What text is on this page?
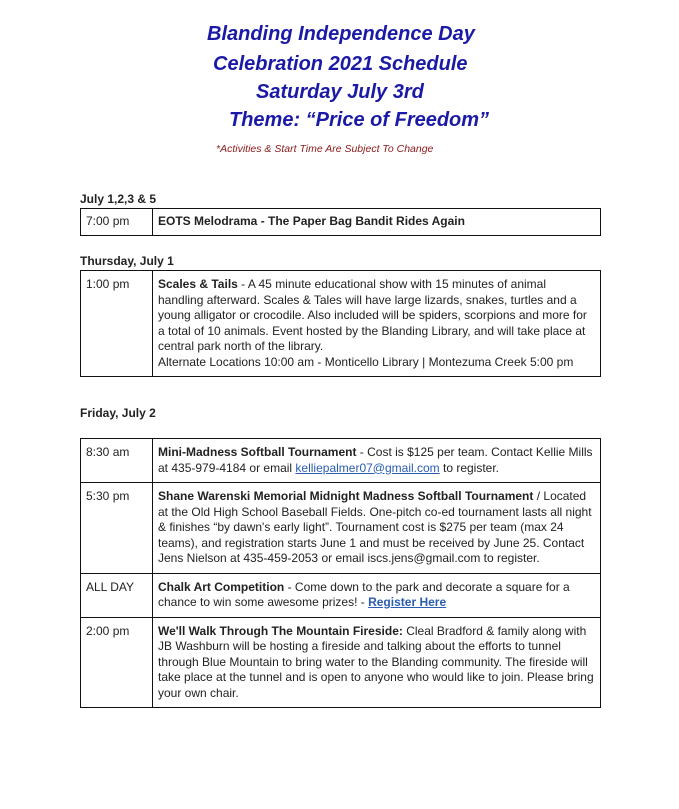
Blanding Independence Day
Celebration 2021 Schedule
Saturday July 3rd
Theme: “Price of Freedom”
*Activities & Start Time Are Subject To Change
July 1,2,3 & 5
7:00 pm	EOTS Melodrama - The Paper Bag Bandit Rides Again
Thursday, July 1
1:00 pm	Scales & Tails - A 45 minute educational show with 15 minutes of animal handling afterward. Scales & Tales will have large lizards, snakes, turtles and a young alligator or crocodile. Also included will be spiders, scorpions and more for a total of 10 animals. Event hosted by the Blanding Library, and will take place at central park north of the library.
Alternate Locations 10:00 am - Monticello Library | Montezuma Creek 5:00 pm
Friday, July 2
8:30 am	Mini-Madness Softball Tournament - Cost is $125 per team. Contact Kellie Mills at 435-979-4184 or email kelliepalmer07@gmail.com to register.
5:30 pm	Shane Warenski Memorial Midnight Madness Softball Tournament / Located at the Old High School Baseball Fields. One-pitch co-ed tournament lasts all night & finishes “by dawn's early light”. Tournament cost is $275 per team (max 24 teams), and registration starts June 1 and must be received by June 25. Contact Jens Nielson at 435-459-2053 or email iscs.jens@gmail.com to register.
ALL DAY	Chalk Art Competition - Come down to the park and decorate a square for a chance to win some awesome prizes! - Register Here
2:00 pm	We'll Walk Through The Mountain Fireside: Cleal Bradford & family along with JB Washburn will be hosting a fireside and talking about the efforts to tunnel through Blue Mountain to bring water to the Blanding community. The fireside will take place at the tunnel and is open to anyone who would like to join. Please bring your own chair.
